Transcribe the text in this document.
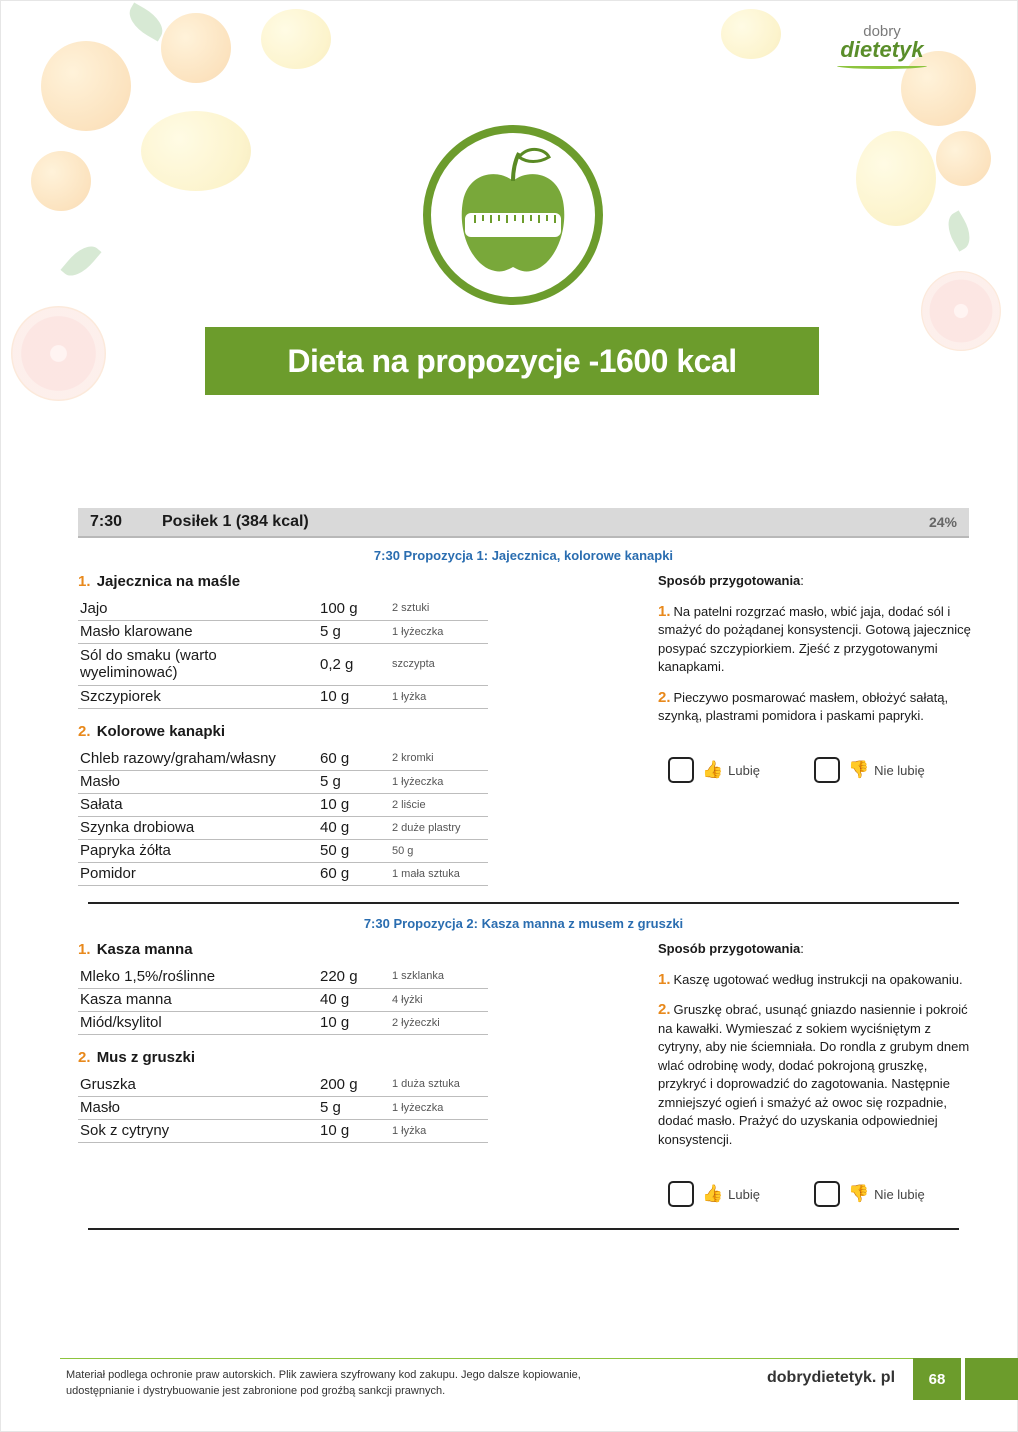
dobry
dietetyk
Dieta na propozycje -1600 kcal
7:30	Posiłek 1 (384 kcal)	24%
7:30 Propozycja 1: Jajecznica, kolorowe kanapki
1. Jajecznica na maśle
Jajo	100 g	2 sztuki
Masło klarowane	5 g	1 łyżeczka
Sól do smaku (warto wyeliminować)	0,2 g	szczypta
Szczypiorek	10 g	1 łyżka
2. Kolorowe kanapki
Chleb razowy/graham/własny	60 g	2 kromki
Masło	5 g	1 łyżeczka
Sałata	10 g	2 liście
Szynka drobiowa	40 g	2 duże plastry
Papryka żółta	50 g	50 g
Pomidor	60 g	1 mała sztuka
Sposób przygotowania:
1. Na patelni rozgrzać masło, wbić jaja, dodać sól i smażyć do pożądanej konsystencji. Gotową jajecznicę posypać szczypiorkiem. Zjeść z przygotowanymi kanapkami.
2. Pieczywo posmarować masłem, obłożyć sałatą, szynką, plastrami pomidora i paskami papryki.
👍 Lubię	👎 Nie lubię
7:30 Propozycja 2: Kasza manna z musem z gruszki
1. Kasza manna
Mleko 1,5%/roślinne	220 g	1 szklanka
Kasza manna	40 g	4 łyżki
Miód/ksylitol	10 g	2 łyżeczki
2. Mus z gruszki
Gruszka	200 g	1 duża sztuka
Masło	5 g	1 łyżeczka
Sok z cytryny	10 g	1 łyżka
Sposób przygotowania:
1. Kaszę ugotować według instrukcji na opakowaniu.
2. Gruszkę obrać, usunąć gniazdo nasiennie i pokroić na kawałki. Wymieszać z sokiem wyciśniętym z cytryny, aby nie ściemniała. Do rondla z grubym dnem wlać odrobinę wody, dodać pokrojoną gruszkę, przykryć i doprowadzić do zagotowania. Następnie zmniejszyć ogień i smażyć aż owoc się rozpadnie, dodać masło. Prażyć do uzyskania odpowiedniej konsystencji.
👍 Lubię	👎 Nie lubię
Materiał podlega ochronie praw autorskich. Plik zawiera szyfrowany kod zakupu. Jego dalsze kopiowanie, udostępnianie i dystrybuowanie jest zabronione pod groźbą sankcji prawnych.
dobrydietetyk. pl	68
